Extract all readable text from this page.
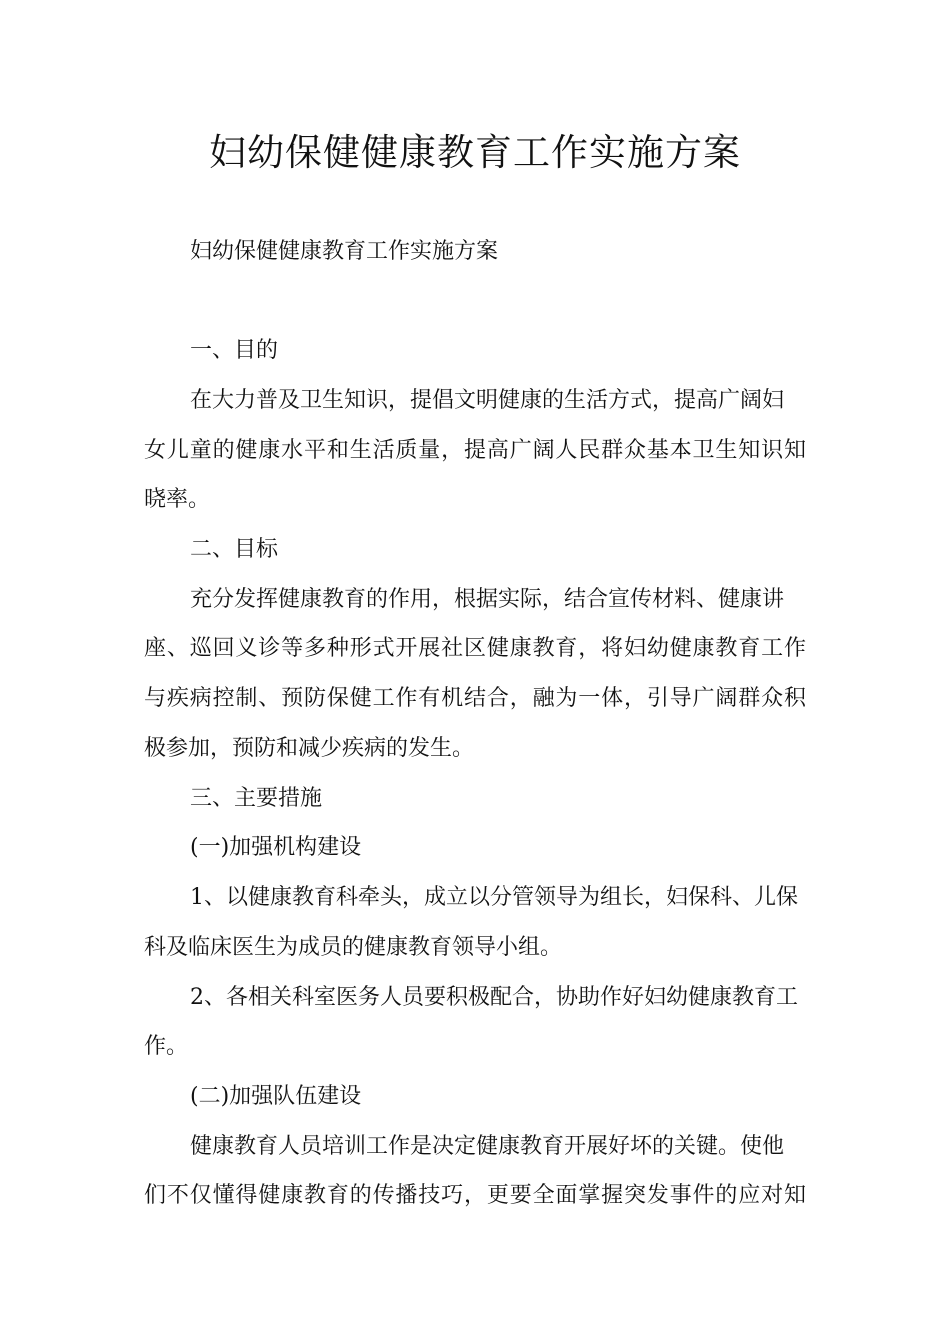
妇幼保健健康教育工作实施方案

妇幼保健健康教育工作实施方案

一、目的

在大力普及卫生知识，提倡文明健康的生活方式，提高广阔妇

女儿童的健康水平和生活质量，提高广阔人民群众基本卫生知识知

晓率。

二、目标

充分发挥健康教育的作用，根据实际，结合宣传材料、健康讲

座、巡回义诊等多种形式开展社区健康教育，将妇幼健康教育工作

与疾病控制、预防保健工作有机结合，融为一体，引导广阔群众积

极参加，预防和减少疾病的发生。

三、主要措施

(一)加强机构建设

1、以健康教育科牵头，成立以分管领导为组长，妇保科、儿保

科及临床医生为成员的健康教育领导小组。

2、各相关科室医务人员要积极配合，协助作好妇幼健康教育工

作。

(二)加强队伍建设

健康教育人员培训工作是决定健康教育开展好坏的关键。使他

们不仅懂得健康教育的传播技巧，更要全面掌握突发事件的应对知
